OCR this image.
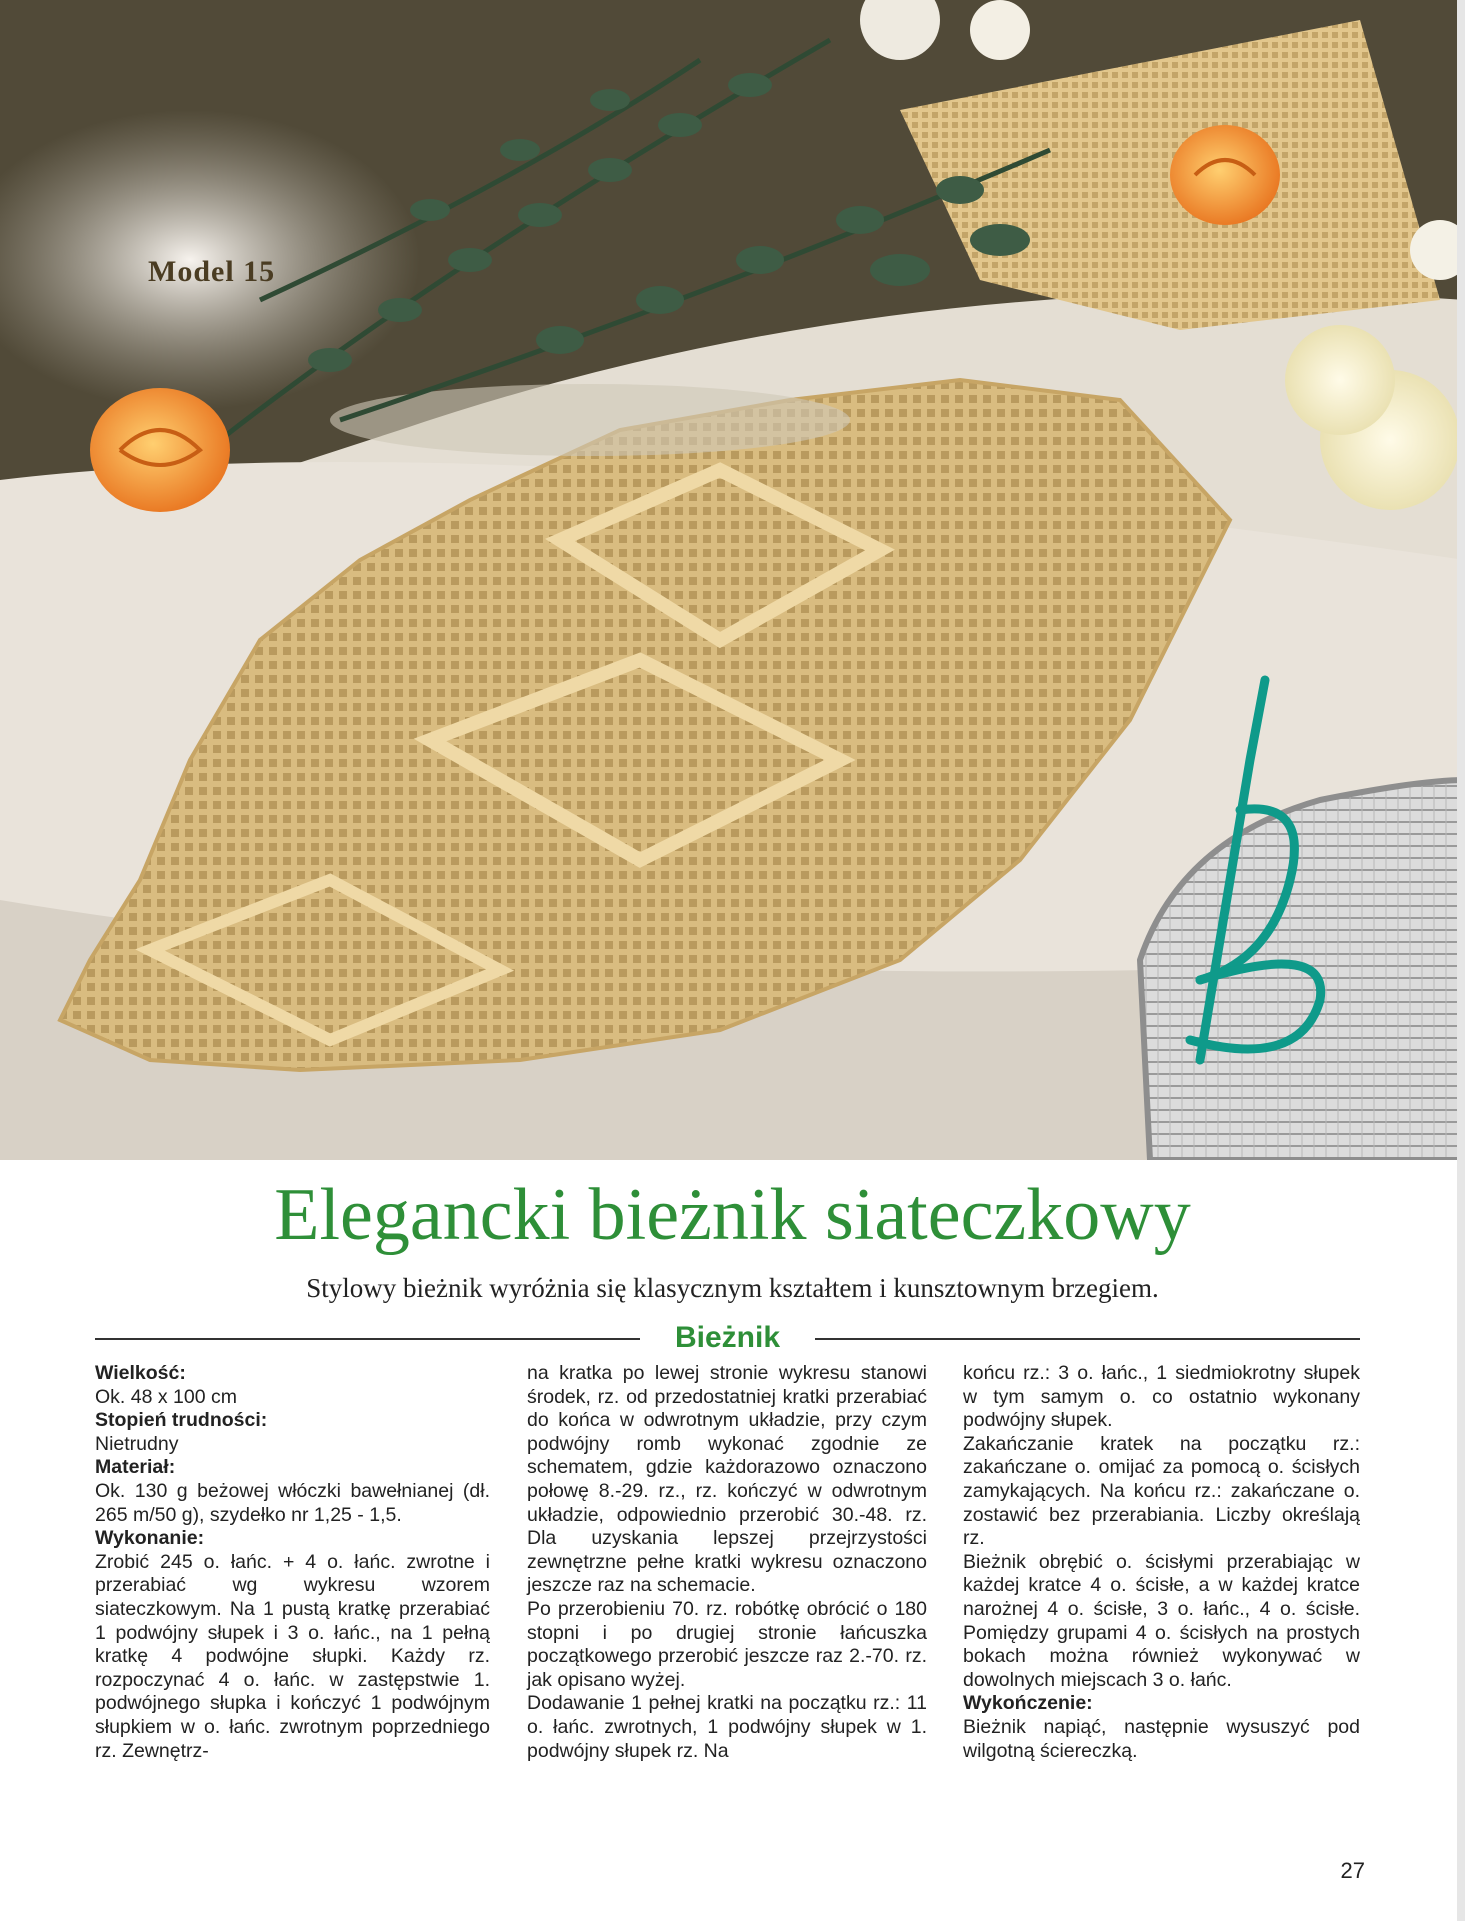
Model 15
Elegancki bieżnik siateczkowy
Stylowy bieżnik wyróżnia się klasycznym kształtem i kunsztownym brzegiem.
Bieżnik

Wielkość:

Ok. 48 x 100 cm

Stopień trudności:

Nietrudny

Materiał:

Ok. 130 g beżowej włóczki bawełnianej (dł. 265 m/50 g), szydełko nr 1,25 - 1,5.

Wykonanie:

Zrobić 245 o. łańc. + 4 o. łańc. zwrotne i przerabiać wg wykresu wzorem siateczkowym. Na 1 pustą kratkę przerabiać 1 podwójny słupek i 3 o. łańc., na 1 pełną kratkę 4 podwójne słupki. Każdy rz. rozpoczynać 4 o. łańc. w zastępstwie 1. podwójnego słupka i kończyć 1 podwójnym słupkiem w o. łańc. zwrotnym poprzedniego rz. Zewnętrz-

na kratka po lewej stronie wykresu stanowi środek, rz. od przedostatniej kratki przerabiać do końca w odwrotnym układzie, przy czym podwójny romb wykonać zgodnie ze schematem, gdzie każdorazowo oznaczono połowę 8.-29. rz., rz. kończyć w odwrotnym układzie, odpowiednio przerobić 30.-48. rz. Dla uzyskania lepszej przejrzystości zewnętrzne pełne kratki wykresu oznaczono jeszcze raz na schemacie.

Po przerobieniu 70. rz. robótkę obrócić o 180 stopni i po drugiej stronie łańcuszka początkowego przerobić jeszcze raz 2.-70. rz. jak opisano wyżej.

Dodawanie 1 pełnej kratki na początku rz.: 11 o. łańc. zwrotnych, 1 podwójny słupek w 1. podwójny słupek rz. Na

końcu rz.: 3 o. łańc., 1 siedmiokrotny słupek w tym samym o. co ostatnio wykonany podwójny słupek.

Zakańczanie kratek na początku rz.: zakańczane o. omijać za pomocą o. ścisłych zamykających. Na końcu rz.: zakańczane o. zostawić bez przerabiania. Liczby określają rz.

Bieżnik obrębić o. ścisłymi przerabiając w każdej kratce 4 o. ścisłe, a w każdej kratce narożnej 4 o. ścisłe, 3 o. łańc., 4 o. ścisłe. Pomiędzy grupami 4 o. ścisłych na prostych bokach można również wykonywać w dowolnych miejscach 3 o. łańc.

Wykończenie:

Bieżnik napiąć, następnie wysuszyć pod wilgotną ściereczką.

27
